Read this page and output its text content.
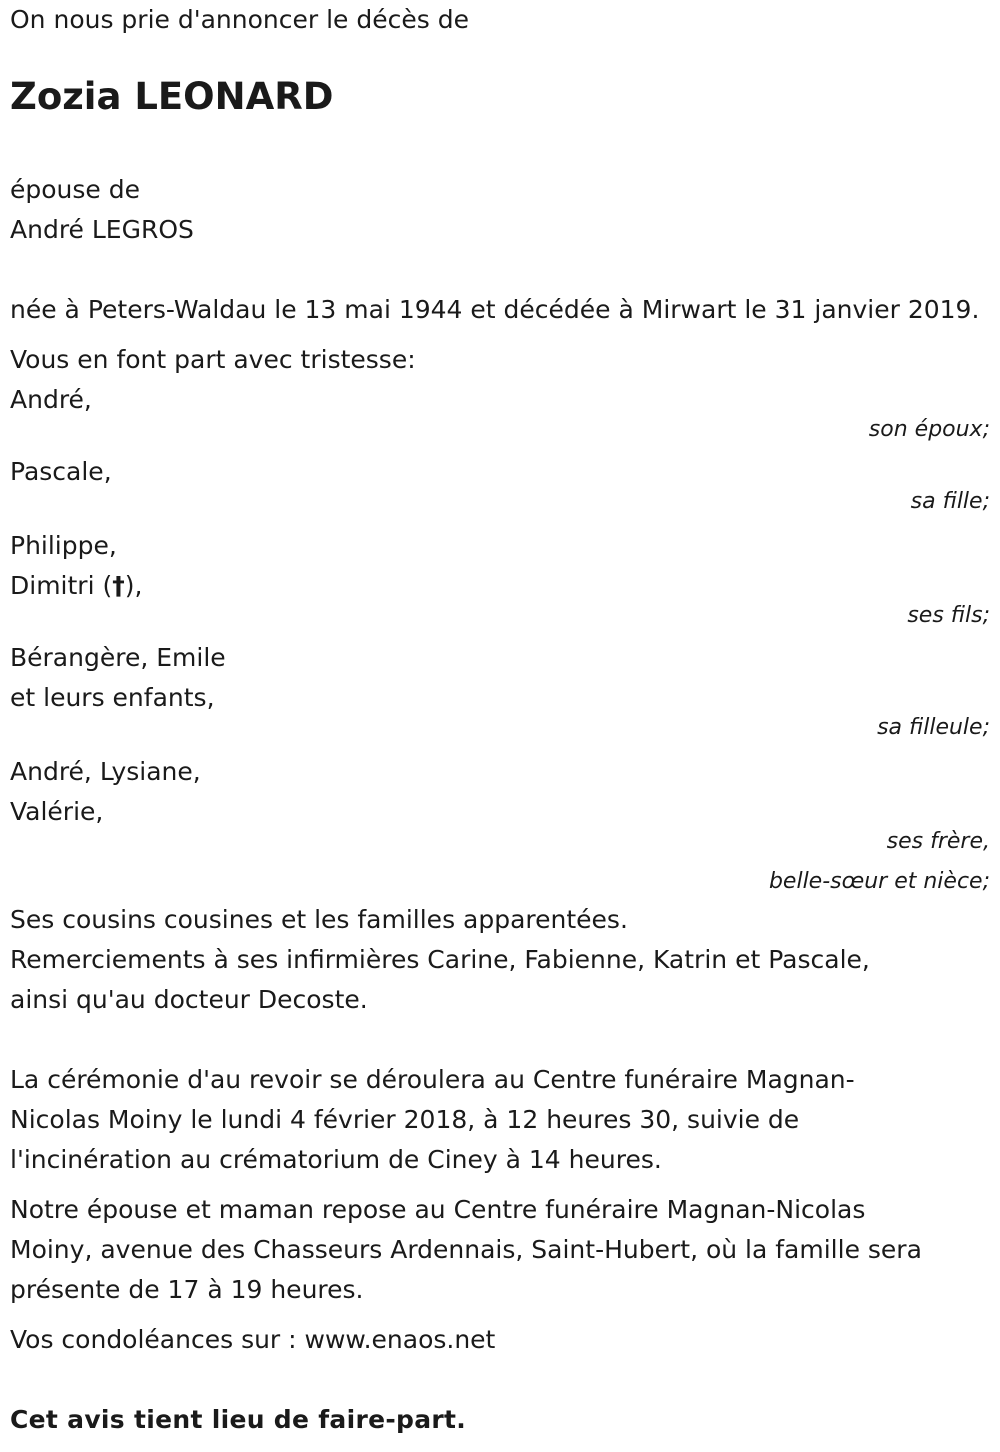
On nous prie d'annoncer le décès de
Zozia LEONARD
épouse de
André LEGROS
née à Peters-Waldau le 13 mai 1944 et décédée à Mirwart le 31 janvier 2019.
Vous en font part avec tristesse:
André,
son époux;
Pascale,
sa fille;
Philippe,
Dimitri (†),
ses fils;
Bérangère, Emile
et leurs enfants,
sa filleule;
André, Lysiane,
Valérie,
ses frère,
belle-sœur et nièce;
Ses cousins cousines et les familles apparentées.
Remerciements à ses infirmières Carine, Fabienne, Katrin et Pascale,
ainsi qu'au docteur Decoste.
La cérémonie d'au revoir se déroulera au Centre funéraire Magnan-
Nicolas Moiny le lundi 4 février 2018, à 12 heures 30, suivie de
l'incinération au crématorium de Ciney à 14 heures.
Notre épouse et maman repose au Centre funéraire Magnan-Nicolas
Moiny, avenue des Chasseurs Ardennais, Saint-Hubert, où la famille sera
présente de 17 à 19 heures.
Vos condoléances sur : www.enaos.net
Cet avis tient lieu de faire-part.
